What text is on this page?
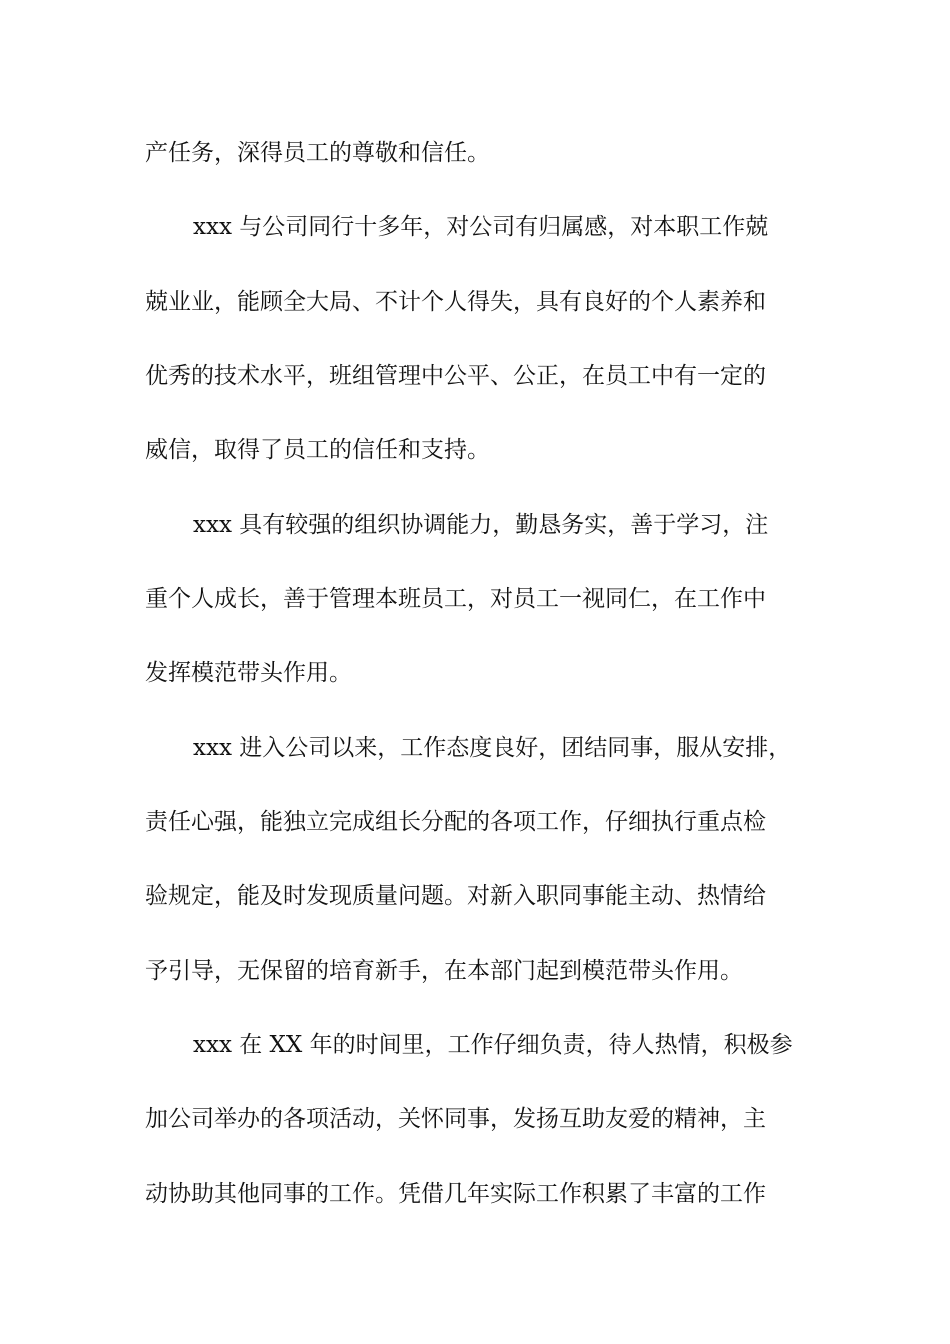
产任务，深得员工的尊敬和信任。
xxx 与公司同行十多年，对公司有归属感，对本职工作兢
兢业业，能顾全大局、不计个人得失，具有良好的个人素养和
优秀的技术水平，班组管理中公平、公正，在员工中有一定的
威信，取得了员工的信任和支持。
xxx 具有较强的组织协调能力，勤恳务实，善于学习，注
重个人成长，善于管理本班员工，对员工一视同仁，在工作中
发挥模范带头作用。
xxx 进入公司以来，工作态度良好，团结同事，服从安排，
责任心强，能独立完成组长分配的各项工作，仔细执行重点检
验规定，能及时发现质量问题。对新入职同事能主动、热情给
予引导，无保留的培育新手，在本部门起到模范带头作用。
xxx 在 XX 年的时间里，工作仔细负责，待人热情，积极参
加公司举办的各项活动，关怀同事，发扬互助友爱的精神，主
动协助其他同事的工作。凭借几年实际工作积累了丰富的工作
